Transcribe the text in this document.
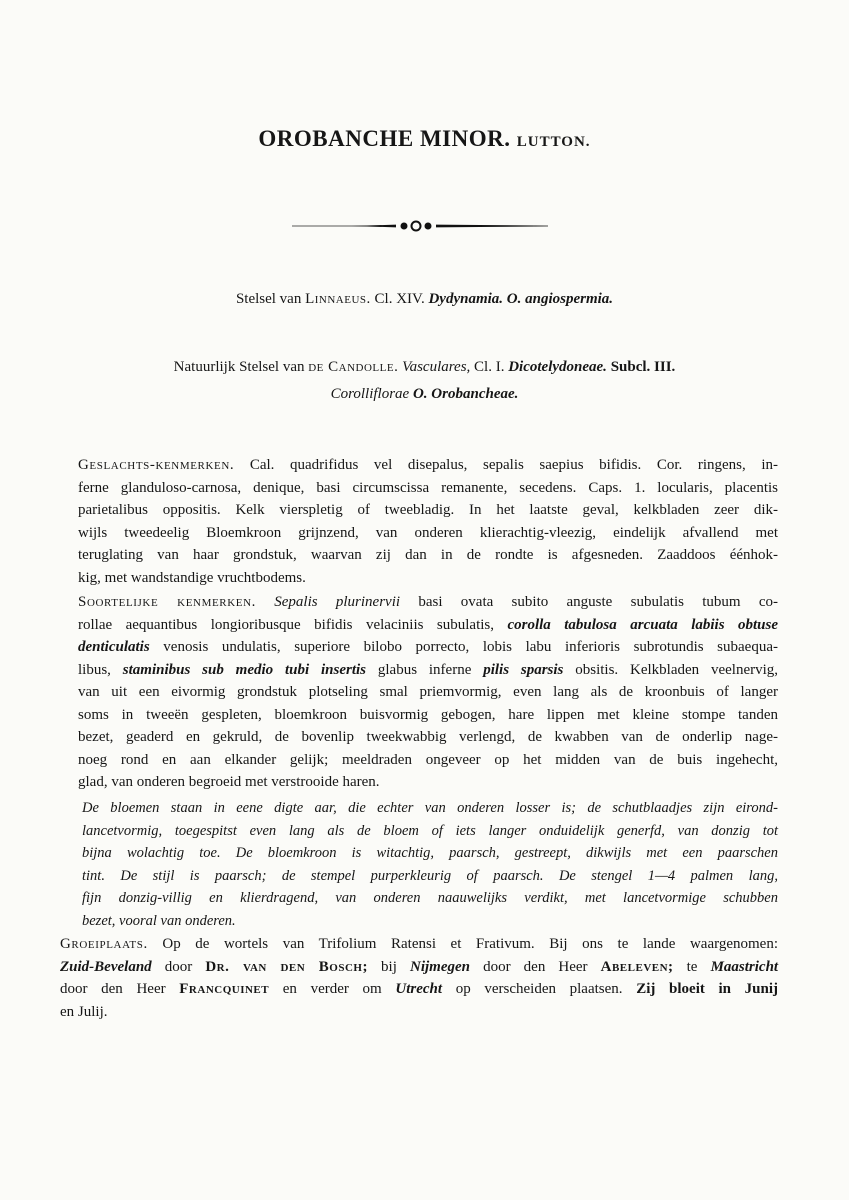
OROBANCHE MINOR. LUTTON.
Stelsel van Linnaeus. Cl. XIV. Dydynamia. O. angiospermia.
Natuurlijk Stelsel van de Candolle. Vasculares, Cl. I. Dicotelydoneae. Subcl. III.
Corolliflorae O. Orobancheae.
Geslachts-kenmerken. Cal. quadrifidus vel disepalus, sepalis saepius bifidis. Cor. ringens, in-
ferne glanduloso-carnosa, denique, basi circumscissa remanente, secedens. Caps. 1. locularis, placentis
parietalibus oppositis. Kelk vierspletig of tweebladig. In het laatste geval, kelkbladen zeer dik-
wijls tweedeelig Bloemkroon grijnzend, van onderen klierachtig-vleezig, eindelijk afvallend met
teruglating van haar grondstuk, waarvan zij dan in de rondte is afgesneden. Zaaddoos éénhok-
kig, met wandstandige vruchtbodems.
Soortelijke kenmerken. Sepalis plurinervii basi ovata subito anguste subulatis tubum co-
rollae aequantibus longioribusque bifidis velaciniis subulatis, corolla tabulosa arcuata labiis obtuse
denticulatis venosis undulatis, superiore bilobo porrecto, lobis labu inferioris subrotundis subaequa-
libus, staminibus sub medio tubi insertis glabus inferne pilis sparsis obsitis. Kelkbladen veelnervig,
van uit een eivormig grondstuk plotseling smal priemvormig, even lang als de kroonbuis of langer
soms in tweeën gespleten, bloemkroon buisvormig gebogen, hare lippen met kleine stompe tanden
bezet, geaderd en gekruld, de bovenlip tweekwabbig verlengd, de kwabben van de onderlip nage-
noeg rond en aan elkander gelijk; meeldraden ongeveer op het midden van de buis ingehecht,
glad, van onderen begroeid met verstrooide haren.
De bloemen staan in eene digte aar, die echter van onderen losser is; de schutblaadjes zijn eirond-
lancetvormig, toegespitst even lang als de bloem of iets langer onduidelijk generfd, van donzig tot
bijna wolachtig toe. De bloemkroon is witachtig, paarsch, gestreept, dikwijls met een paarschen
tint. De stijl is paarsch; de stempel purperkleurig of paarsch. De stengel 1—4 palmen lang,
fijn donzig-villig en klierdragend, van onderen naauwelijks verdikt, met lancetvormige schubben
bezet, vooral van onderen.
Groeiplaats. Op de wortels van Trifolium Ratensi et Frativum. Bij ons te lande waargenomen:
Zuid-Beveland door Dr. van den Bosch; bij Nijmegen door den Heer Abeleven; te Maastricht
door den Heer Francquinet en verder om Utrecht op verscheiden plaatsen. Zij bloeit in Junij
en Julij.
